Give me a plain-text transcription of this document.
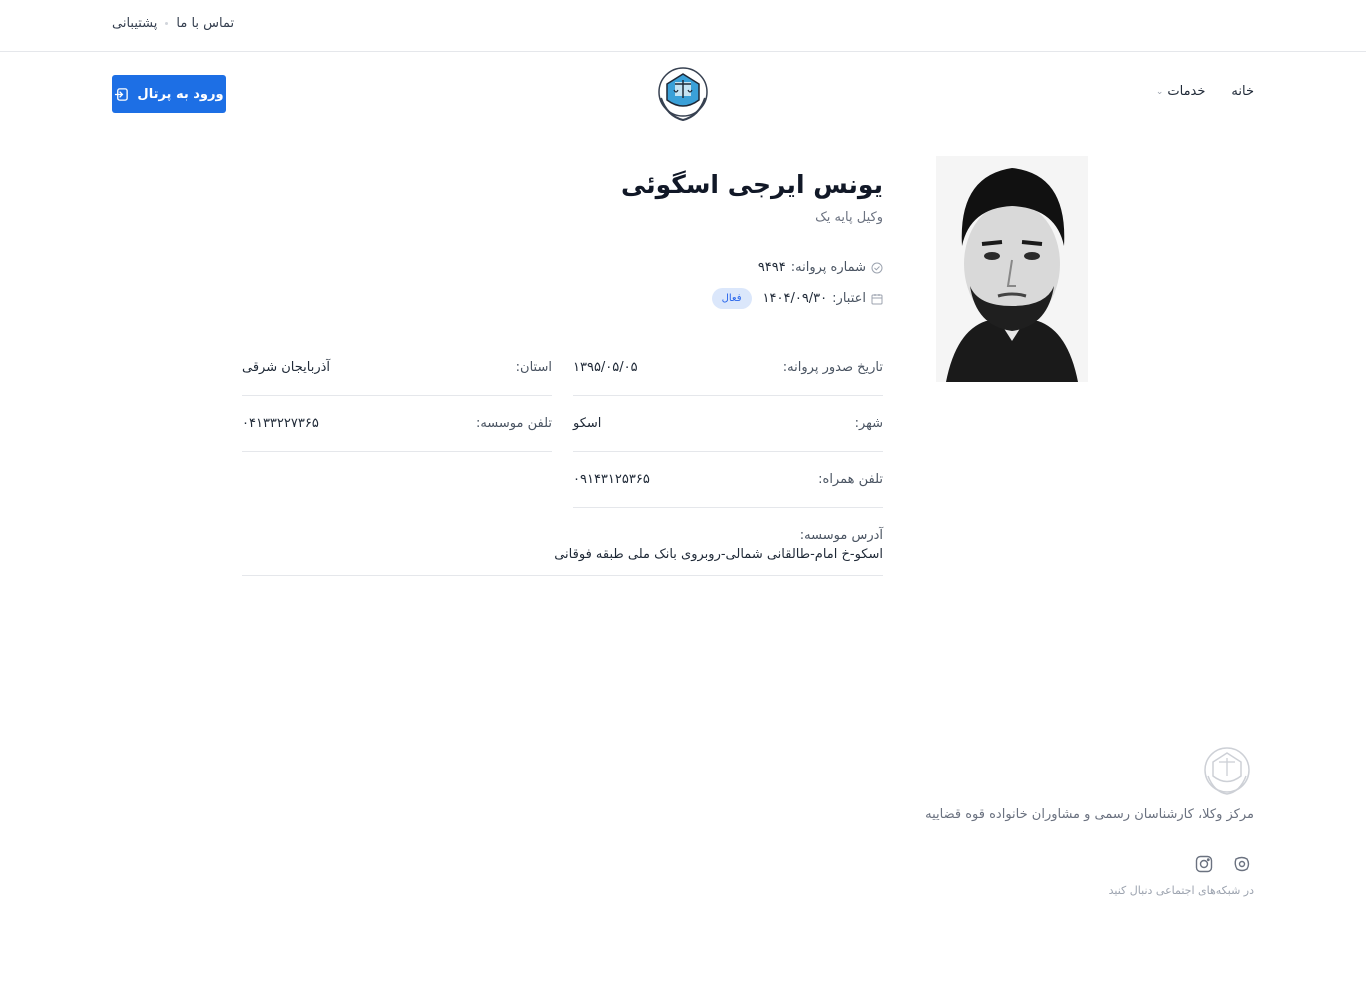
پشتیبانی تماس با ما
ورود به پرتال	خانه
خدمات
⌄
یونس ایرجی اسگوئی
وکیل پایه یک
شماره پروانه:
۹۴۹۴
اعتبار:
۱۴۰۴/۰۹/۳۰
فعال
تاریخ صدور پروانه:
۱۳۹۵/۰۵/۰۵
استان:
آذربایجان شرقی
شهر:
اسکو
تلفن موسسه:
۰۴۱۳۳۲۲۷۳۶۵
تلفن همراه:
۰۹۱۴۳۱۲۵۳۶۵
آدرس موسسه:
اسکو-خ امام-طالقانی شمالی-روبروی بانک ملی طبقه فوقانی
مرکز وکلا، کارشناسان رسمی و مشاوران خانواده قوه قضاییه
در شبکه‌های اجتماعی دنبال کنید
